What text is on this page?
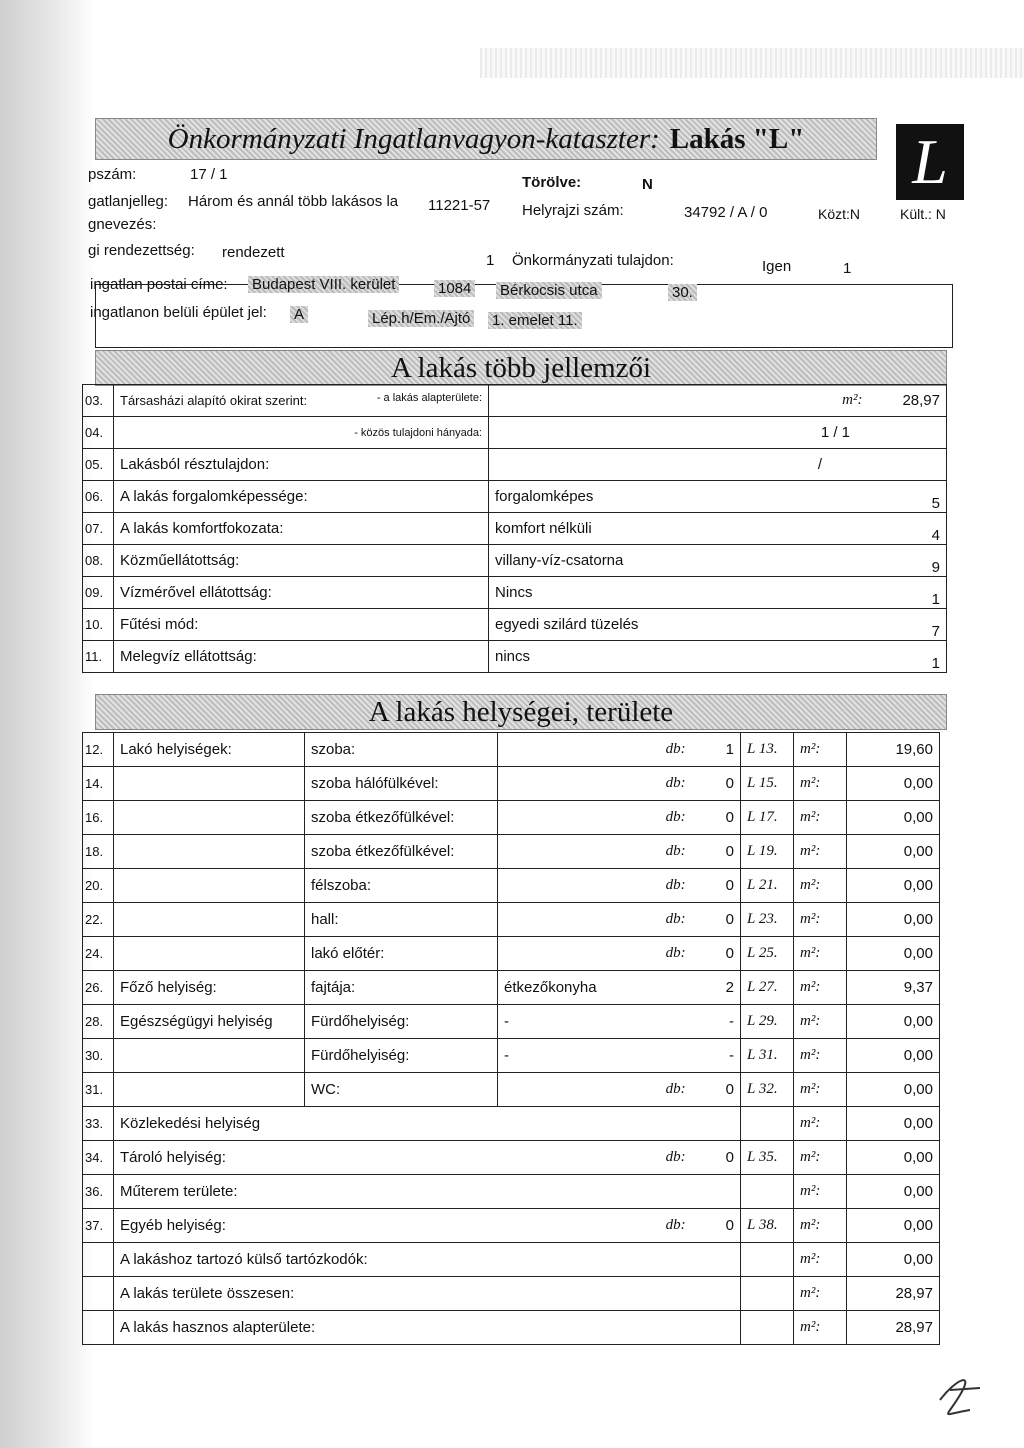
Önkormányzati Ingatlanvagyon-kataszter: Lakás "L" L
pszám:	17 / 1	Törölve:	N
gatlanjelleg: Három és annál több lakásos la 11221-57 Helyrajzi szám:	34792 / A / 0	Közt:N	Kült.: N
gnevezés:
gi rendezettség: rendezett	1 Önkormányzati tulajdon:	Igen	1
ingatlan postai címe: Budapest VIII. kerület	1084 Bérkocsis utca	30.
ingatlanon belüli épület jel: A	Lép.h/Em./Ajtó 1. emelet 11.
A lakás több jellemzői
03.	Társasházi alapító okirat szerint: - a lakás alapterülete:	m²: 28,97

04.	- közös tulajdoni hányada:	1 / 1

05.	Lakásból résztulajdon:	/

06.	A lakás forgalomképessége:	forgalomképes 5

07.	A lakás komfortfokozata:	komfort nélküli 4

08.	Közműellátottság:	villany-víz-csatorna 9

09.	Vízmérővel ellátottság:	Nincs 1

10.	Fűtési mód:	egyedi szilárd tüzelés 7

11.	Melegvíz ellátottság:	nincs 1
A lakás helységei, területe
12.	Lakó helyiségek:	szoba:	db: 1	L 13.	m²:	19,60
14.		szoba hálófülkével:	db: 0	L 15.	m²:	0,00
16.		szoba étkezőfülkével:	db: 0	L 17.	m²:	0,00
18.		szoba étkezőfülkével:	db: 0	L 19.	m²:	0,00
20.		félszoba:	db: 0	L 21.	m²:	0,00
22.		hall:	db: 0	L 23.	m²:	0,00
24.		lakó előtér:	db: 0	L 25.	m²:	0,00
26.	Főző helyiség:	fajtája:	étkezőkonyha 2	L 27.	m²:	9,37
28.	Egészségügyi helyiség	Fürdőhelyiség:	- -	L 29.	m²:	0,00
30.		Fürdőhelyiség:	- -	L 31.	m²:	0,00
31.		WC:	db: 0	L 32.	m²:	0,00
33.	Közlekedési helyiség				m²:	0,00
34.	Tároló helyiség: db: 0			L 35.	m²:	0,00
36.	Műterem területe:				m²:	0,00
37.	Egyéb helyiség: db: 0			L 38.	m²:	0,00

	A lakáshoz tartozó külső tartózkodók:				m²:	0,00

	A lakás területe összesen:				m²:	28,97

	A lakás hasznos alapterülete:				m²:	28,97
